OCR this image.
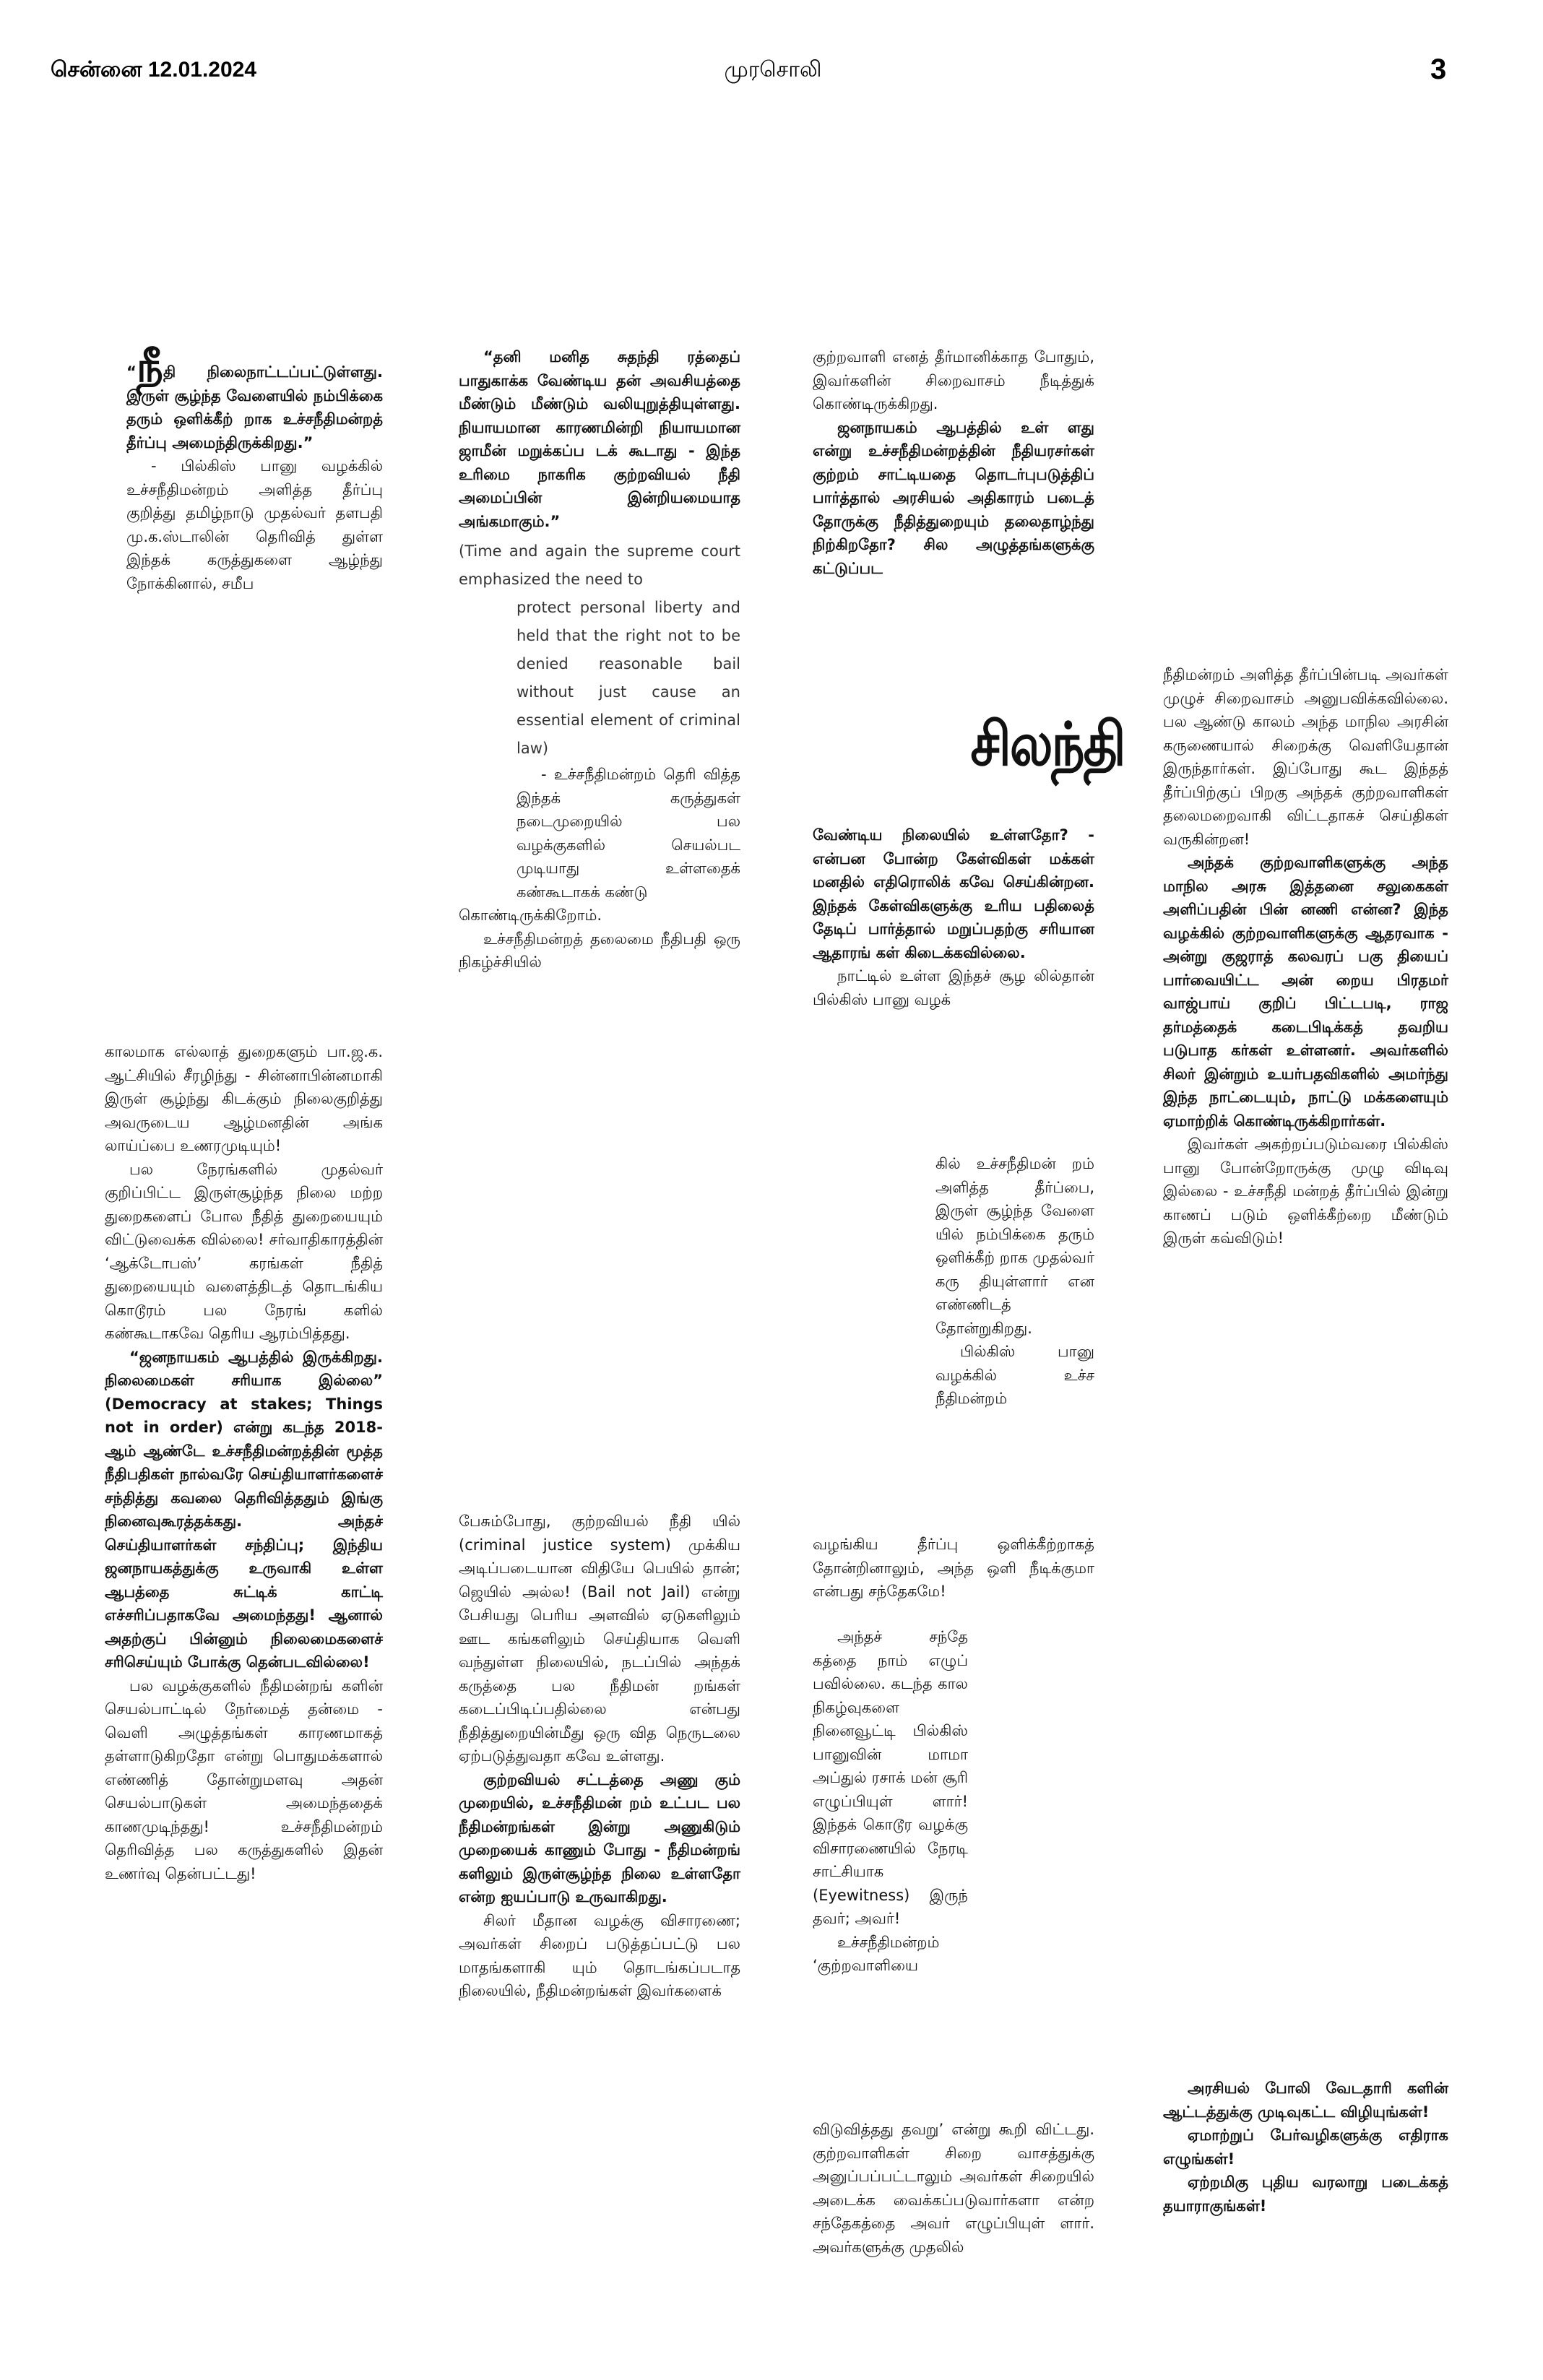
சென்னை 12.01.2024	முரசொலி	3

“நீதி நிலைநாட்டப்பட்டுள்ளது. இருள் சூழ்ந்த வேளையில் நம்பிக்கை தரும் ஒளிக்கீற் றாக உச்சநீதிமன்றத் தீர்ப்பு அமைந்திருக்கிறது.”

- பில்கிஸ் பானு வழக்கில் உச்சநீதிமன்றம் அளித்த தீர்ப்பு குறித்து தமிழ்நாடு முதல்வர் தளபதி மு.க.ஸ்டாலின் தெரிவித் துள்ள இந்தக் கருத்துகளை ஆழ்ந்து நோக்கினால், சமீப

காலமாக எல்லாத் துறைகளும் பா.ஜ.க. ஆட்சியில் சீரழிந்து - சின்னாபின்னமாகி இருள் சூழ்ந்து கிடக்கும் நிலைகுறித்து அவருடைய ஆழ்மனதின் அங்க லாய்ப்பை உணரமுடியும்!

பல நேரங்களில் முதல்வர் குறிப்பிட்ட இருள்சூழ்ந்த நிலை மற்ற துறைகளைப் போல நீதித் துறையையும் விட்டுவைக்க வில்லை! சர்வாதிகாரத்தின் ‘ஆக்டோபஸ்’ கரங்கள் நீதித் துறையையும் வளைத்திடத் தொடங்கிய கொடூரம் பல நேரங் களில் கண்கூடாகவே தெரிய ஆரம்பித்தது.

“ஜனநாயகம் ஆபத்தில் இருக்கிறது. நிலைமைகள் சரியாக இல்லை” (Democracy at stakes; Things not in order) என்று கடந்த 2018-ஆம் ஆண்டே உச்சநீதிமன்றத்தின் மூத்த நீதிபதிகள் நால்வரே செய்தியாளர்களைச் சந்தித்து கவலை தெரிவித்ததும் இங்கு நினைவுகூரத்தக்கது. அந்தச் செய்தியாளர்கள் சந்திப்பு; இந்திய ஜனநாயகத்துக்கு உருவாகி உள்ள ஆபத்தை சுட்டிக் காட்டி எச்சரிப்பதாகவே அமைந்தது! ஆனால் அதற்குப் பின்னும் நிலைமைகளைச் சரிசெய்யும் போக்கு தென்படவில்லை!

பல வழக்குகளில் நீதிமன்றங் களின் செயல்பாட்டில் நேர்மைத் தன்மை - வெளி அழுத்தங்கள் காரணமாகத் தள்ளாடுகிறதோ என்று பொதுமக்களால் எண்ணித் தோன்றுமளவு அதன் செயல்பாடுகள் அமைந்ததைக் காணமுடிந்தது! உச்சநீதிமன்றம் தெரிவித்த பல கருத்துகளில் இதன் உணர்வு தென்பட்டது!

“தனி மனித சுதந்தி ரத்தைப் பாதுகாக்க வேண்டிய தன் அவசியத்தை மீண்டும் மீண்டும் வலியுறுத்தியுள்ளது. நியாயமான காரணமின்றி நியாயமான ஜாமீன் மறுக்கப்ப டக் கூடாது - இந்த உரிமை நாகரிக குற்றவியல் நீதி அமைப்பின் இன்றியமையாத அங்கமாகும்.”

(Time and again the supreme court emphasized the need to

protect personal liberty and held that the right not to be denied reasonable bail without just cause an essential element of criminal law)

- உச்சநீதிமன்றம் தெரி வித்த இந்தக் கருத்துகள் நடைமுறையில் பல வழக்குகளில் செயல்பட முடியாது உள்ளதைக் கண்கூடாகக் கண்டு

கொண்டிருக்கிறோம்.

உச்சநீதிமன்றத் தலைமை நீதிபதி ஒரு நிகழ்ச்சியில்

பேசும்போது, குற்றவியல் நீதி யில் (criminal justice system) முக்கிய அடிப்படையான விதியே பெயில் தான்; ஜெயில் அல்ல! (Bail not Jail) என்று பேசியது பெரிய அளவில் ஏடுகளிலும் ஊட கங்களிலும் செய்தியாக வெளி வந்துள்ள நிலையில், நடப்பில் அந்தக் கருத்தை பல நீதிமன் றங்கள் கடைப்பிடிப்பதில்லை என்பது நீதித்துறையின்மீது ஒரு வித நெருடலை ஏற்படுத்துவதா கவே உள்ளது.

குற்றவியல் சட்டத்தை அணு கும் முறையில், உச்சநீதிமன் றம் உட்பட பல நீதிமன்றங்கள் இன்று அணுகிடும் முறையைக் காணும் போது - நீதிமன்றங் களிலும் இருள்சூழ்ந்த நிலை உள்ளதோ என்ற ஐயப்பாடு உருவாகிறது.

சிலர் மீதான வழக்கு விசாரணை; அவர்கள் சிறைப் படுத்தப்பட்டு பல மாதங்களாகி யும் தொடங்கப்படாத நிலையில், நீதிமன்றங்கள் இவர்களைக்

குற்றவாளி எனத் தீர்மானிக்காத போதும், இவர்களின் சிறைவாசம் நீடித்துக் கொண்டிருக்கிறது.

ஜனநாயகம் ஆபத்தில் உள் ளது என்று உச்சநீதிமன்றத்தின் நீதியரசர்கள் குற்றம் சாட்டியதை தொடர்புபடுத்திப் பார்த்தால் அரசியல் அதிகாரம் படைத் தோருக்கு நீதித்துறையும் தலைதாழ்ந்து நிற்கிறதோ? சில அழுத்தங்களுக்கு கட்டுப்பட

சிலந்தி

வேண்டிய நிலையில் உள்ளதோ? - என்பன போன்ற கேள்விகள் மக்கள் மனதில் எதிரொலிக் கவே செய்கின்றன. இந்தக் கேள்விகளுக்கு உரிய பதிலைத் தேடிப் பார்த்தால் மறுப்பதற்கு சரியான ஆதாரங் கள் கிடைக்கவில்லை.

நாட்டில் உள்ள இந்தச் சூழ லில்தான் பில்கிஸ் பானு வழக்

கில் உச்சநீதிமன் றம் அளித்த தீர்ப்பை, இருள் சூழ்ந்த வேளை யில் நம்பிக்கை தரும் ஒளிக்கீற் றாக முதல்வர் கரு தியுள்ளார் என எண்ணிடத் தோன்றுகிறது.

பில்கிஸ் பானு வழக்கில் உச்ச நீதிமன்றம்

வழங்கிய தீர்ப்பு ஒளிக்கீற்றாகத் தோன்றினாலும், அந்த ஒளி நீடிக்குமா என்பது சந்தேகமே!

அந்தச் சந்தே கத்தை நாம் எழுப் பவில்லை. கடந்த கால நிகழ்வுகளை நினைவூட்டி பில்கிஸ் பானுவின் மாமா அப்துல் ரசாக் மன் சூரி எழுப்பியுள் ளார்! இந்தக் கொடூர வழக்கு விசாரணையில் நேரடி சாட்சியாக (Eyewitness) இருந் தவர்; அவர்!

உச்சநீதிமன்றம் ‘குற்றவாளியை

விடுவித்தது தவறு’ என்று கூறி விட்டது. குற்றவாளிகள் சிறை வாசத்துக்கு அனுப்பப்பட்டாலும் அவர்கள் சிறையில் அடைக்க வைக்கப்படுவார்களா என்ற சந்தேகத்தை அவர் எழுப்பியுள் ளார். அவர்களுக்கு முதலில்

நீதிமன்றம் அளித்த தீர்ப்பின்படி அவர்கள் முழுச் சிறைவாசம் அனுபவிக்கவில்லை. பல ஆண்டு காலம் அந்த மாநில அரசின் கருணையால் சிறைக்கு வெளியேதான் இருந்தார்கள். இப்போது கூட இந்தத் தீர்ப்பிற்குப் பிறகு அந்தக் குற்றவாளிகள் தலைமறைவாகி விட்டதாகச் செய்திகள் வருகின்றன!

அந்தக் குற்றவாளிகளுக்கு அந்த மாநில அரசு இத்தனை சலுகைகள் அளிப்பதின் பின் னணி என்ன? இந்த வழக்கில் குற்றவாளிகளுக்கு ஆதரவாக - அன்று குஜராத் கலவரப் பகு தியைப் பார்வையிட்ட அன் றைய பிரதமர் வாஜ்பாய் குறிப் பிட்டபடி, ராஜ தர்மத்தைக் கடைபிடிக்கத் தவறிய படுபாத கர்கள் உள்ளனர். அவர்களில் சிலர் இன்றும் உயர்பதவிகளில் அமர்ந்து இந்த நாட்டையும், நாட்டு மக்களையும் ஏமாற்றிக் கொண்டிருக்கிறார்கள்.

இவர்கள் அகற்றப்படும்வரை பில்கிஸ் பானு போன்றோருக்கு முழு விடிவு இல்லை - உச்சநீதி மன்றத் தீர்ப்பில் இன்று காணப் படும் ஒளிக்கீற்றை மீண்டும் இருள் கவ்விடும்!

அரசியல் போலி வேடதாரி களின் ஆட்டத்துக்கு முடிவுகட்ட விழியுங்கள்!

ஏமாற்றுப் பேர்வழிகளுக்கு எதிராக எழுங்கள்!

ஏற்றமிகு புதிய வரலாறு படைக்கத் தயாராகுங்கள்!
